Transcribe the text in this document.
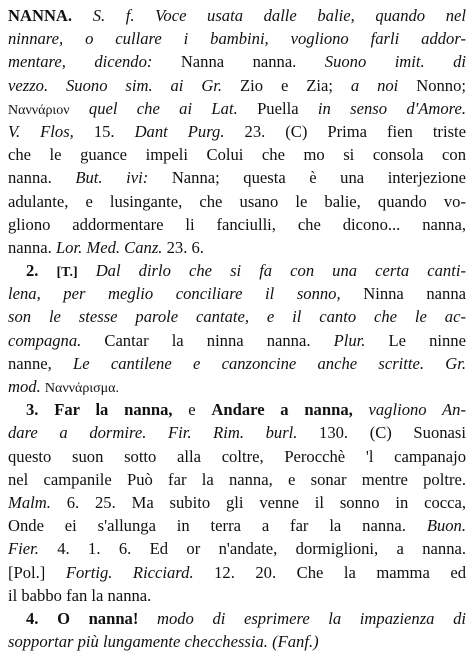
NANNA. S. f. Voce usata dalle balie, quando nel
ninnare, o cullare i bambini, vogliono farli addor-
mentare, dicendo: Nanna nanna. Suono imit. di
vezzo. Suono sim. ai Gr. Zio e Zia; a noi Nonno;
Ναννάριον quel che ai Lat. Puella in senso d'Amore.
V. Flos, 15. Dant Purg. 23. (C) Prima fien triste
che le guance impeli Colui che mo si consola con
nanna. But. ivi: Nanna; questa è una interjezione
adulante, e lusingante, che usano le balie, quando vo-
gliono addormentare li fanciulli, che dicono... nanna,
nanna. Lor. Med. Canz. 23. 6.
2. [T.] Dal dirlo che si fa con una certa canti-
lena, per meglio conciliare il sonno, Ninna nanna
son le stesse parole cantate, e il canto che le ac-
compagna. Cantar la ninna nanna. Plur. Le ninne
nanne, Le cantilene e canzoncine anche scritte. Gr.
mod. Ναννάρισμα.
3. Far la nanna, e Andare a nanna, vagliono An-
dare a dormire. Fir. Rim. burl. 130. (C) Suonasi
questo suon sotto alla coltre, Perocchè 'l campanajo
nel campanile Può far la nanna, e sonar mentre poltre.
Malm. 6. 25. Ma subito gli venne il sonno in cocca,
Onde ei s'allunga in terra a far la nanna. Buon.
Fier. 4. 1. 6. Ed or n'andate, dormiglioni, a nanna.
[Pol.] Fortig. Ricciard. 12. 20. Che la mamma ed
il babbo fan la nanna.
4. O nanna! modo di esprimere la impazienza di
sopportar più lungamente checchessia. (Fanf.)
